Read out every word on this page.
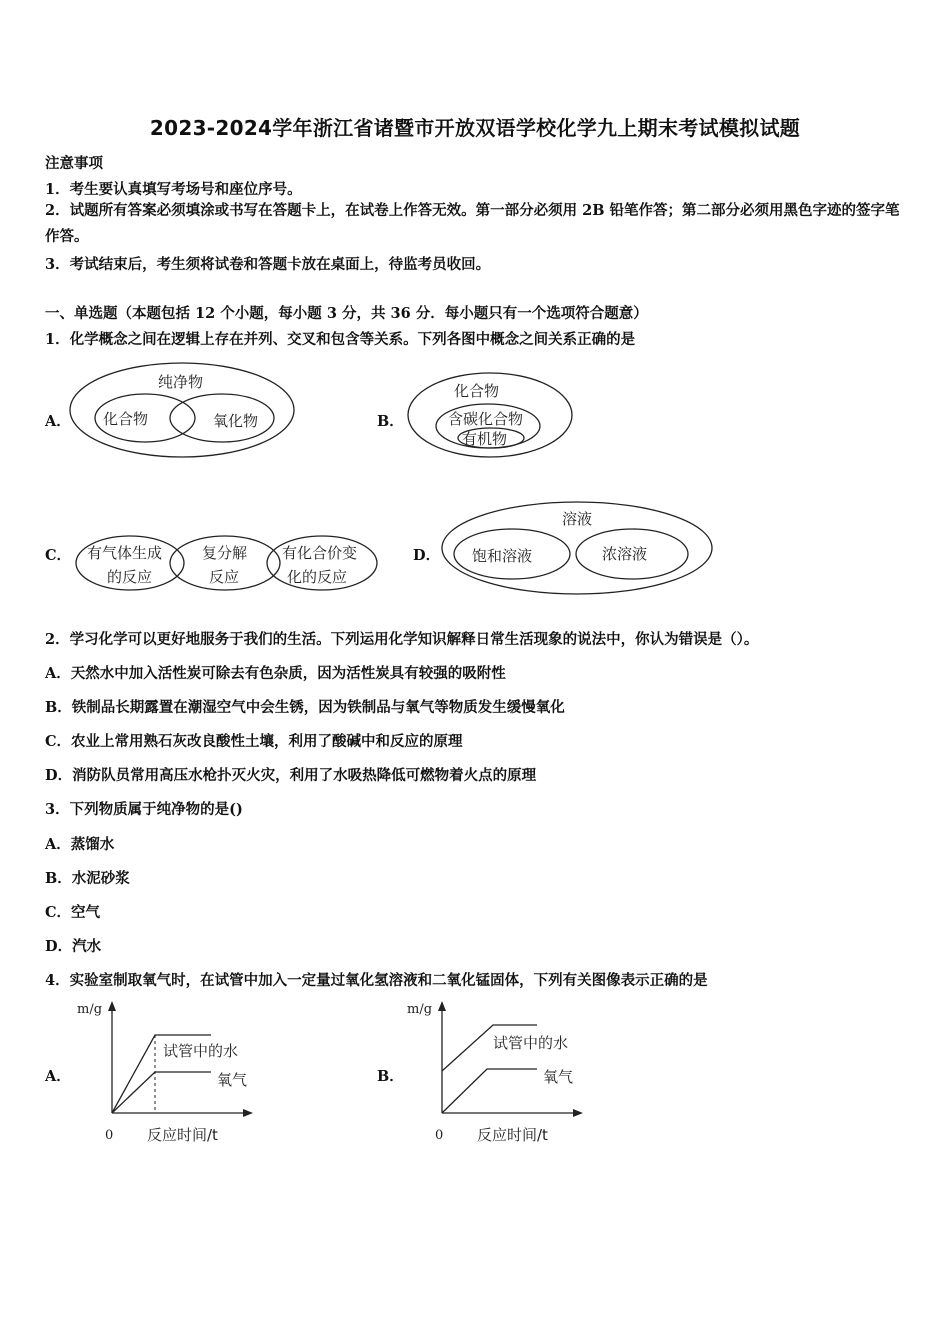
2023-2024学年浙江省诸暨市开放双语学校化学九上期末考试模拟试题
注意事项
1．考生要认真填写考场号和座位序号。
2．试题所有答案必须填涂或书写在答题卡上，在试卷上作答无效。第一部分必须用 2B 铅笔作答；第二部分必须用黑色字迹的签字笔作答。
3．考试结束后，考生须将试卷和答题卡放在桌面上，待监考员收回。
一、单选题（本题包括 12 个小题，每小题 3 分，共 36 分．每小题只有一个选项符合题意）
1．化学概念之间在逻辑上存在并列、交叉和包含等关系。下列各图中概念之间关系正确的是
A．
纯净物
化合物	氧化物	B．
化合物
含碳化合物
有机物
C． 有气体生成
的反应
复分解
反应
有化合价变
化的反应
D．
溶液
饱和溶液	浓溶液
2．学习化学可以更好地服务于我们的生活。下列运用化学知识解释日常生活现象的说法中，你认为错误是（）。
A．天然水中加入活性炭可除去有色杂质，因为活性炭具有较强的吸附性
B．铁制品长期露置在潮湿空气中会生锈，因为铁制品与氧气等物质发生缓慢氧化
C．农业上常用熟石灰改良酸性土壤，利用了酸碱中和反应的原理
D．消防队员常用高压水枪扑灭火灾，利用了水吸热降低可燃物着火点的原理
3．下列物质属于纯净物的是()
A．蒸馏水
B．水泥砂浆
C．空气
D．汽水
4．实验室制取氧气时，在试管中加入一定量过氧化氢溶液和二氧化锰固体，下列有关图像表示正确的是
A．
m/g
0 反应时间/t
试管中的水
氧气	B．
m/g
0 反应时间/t
试管中的水
氧气
